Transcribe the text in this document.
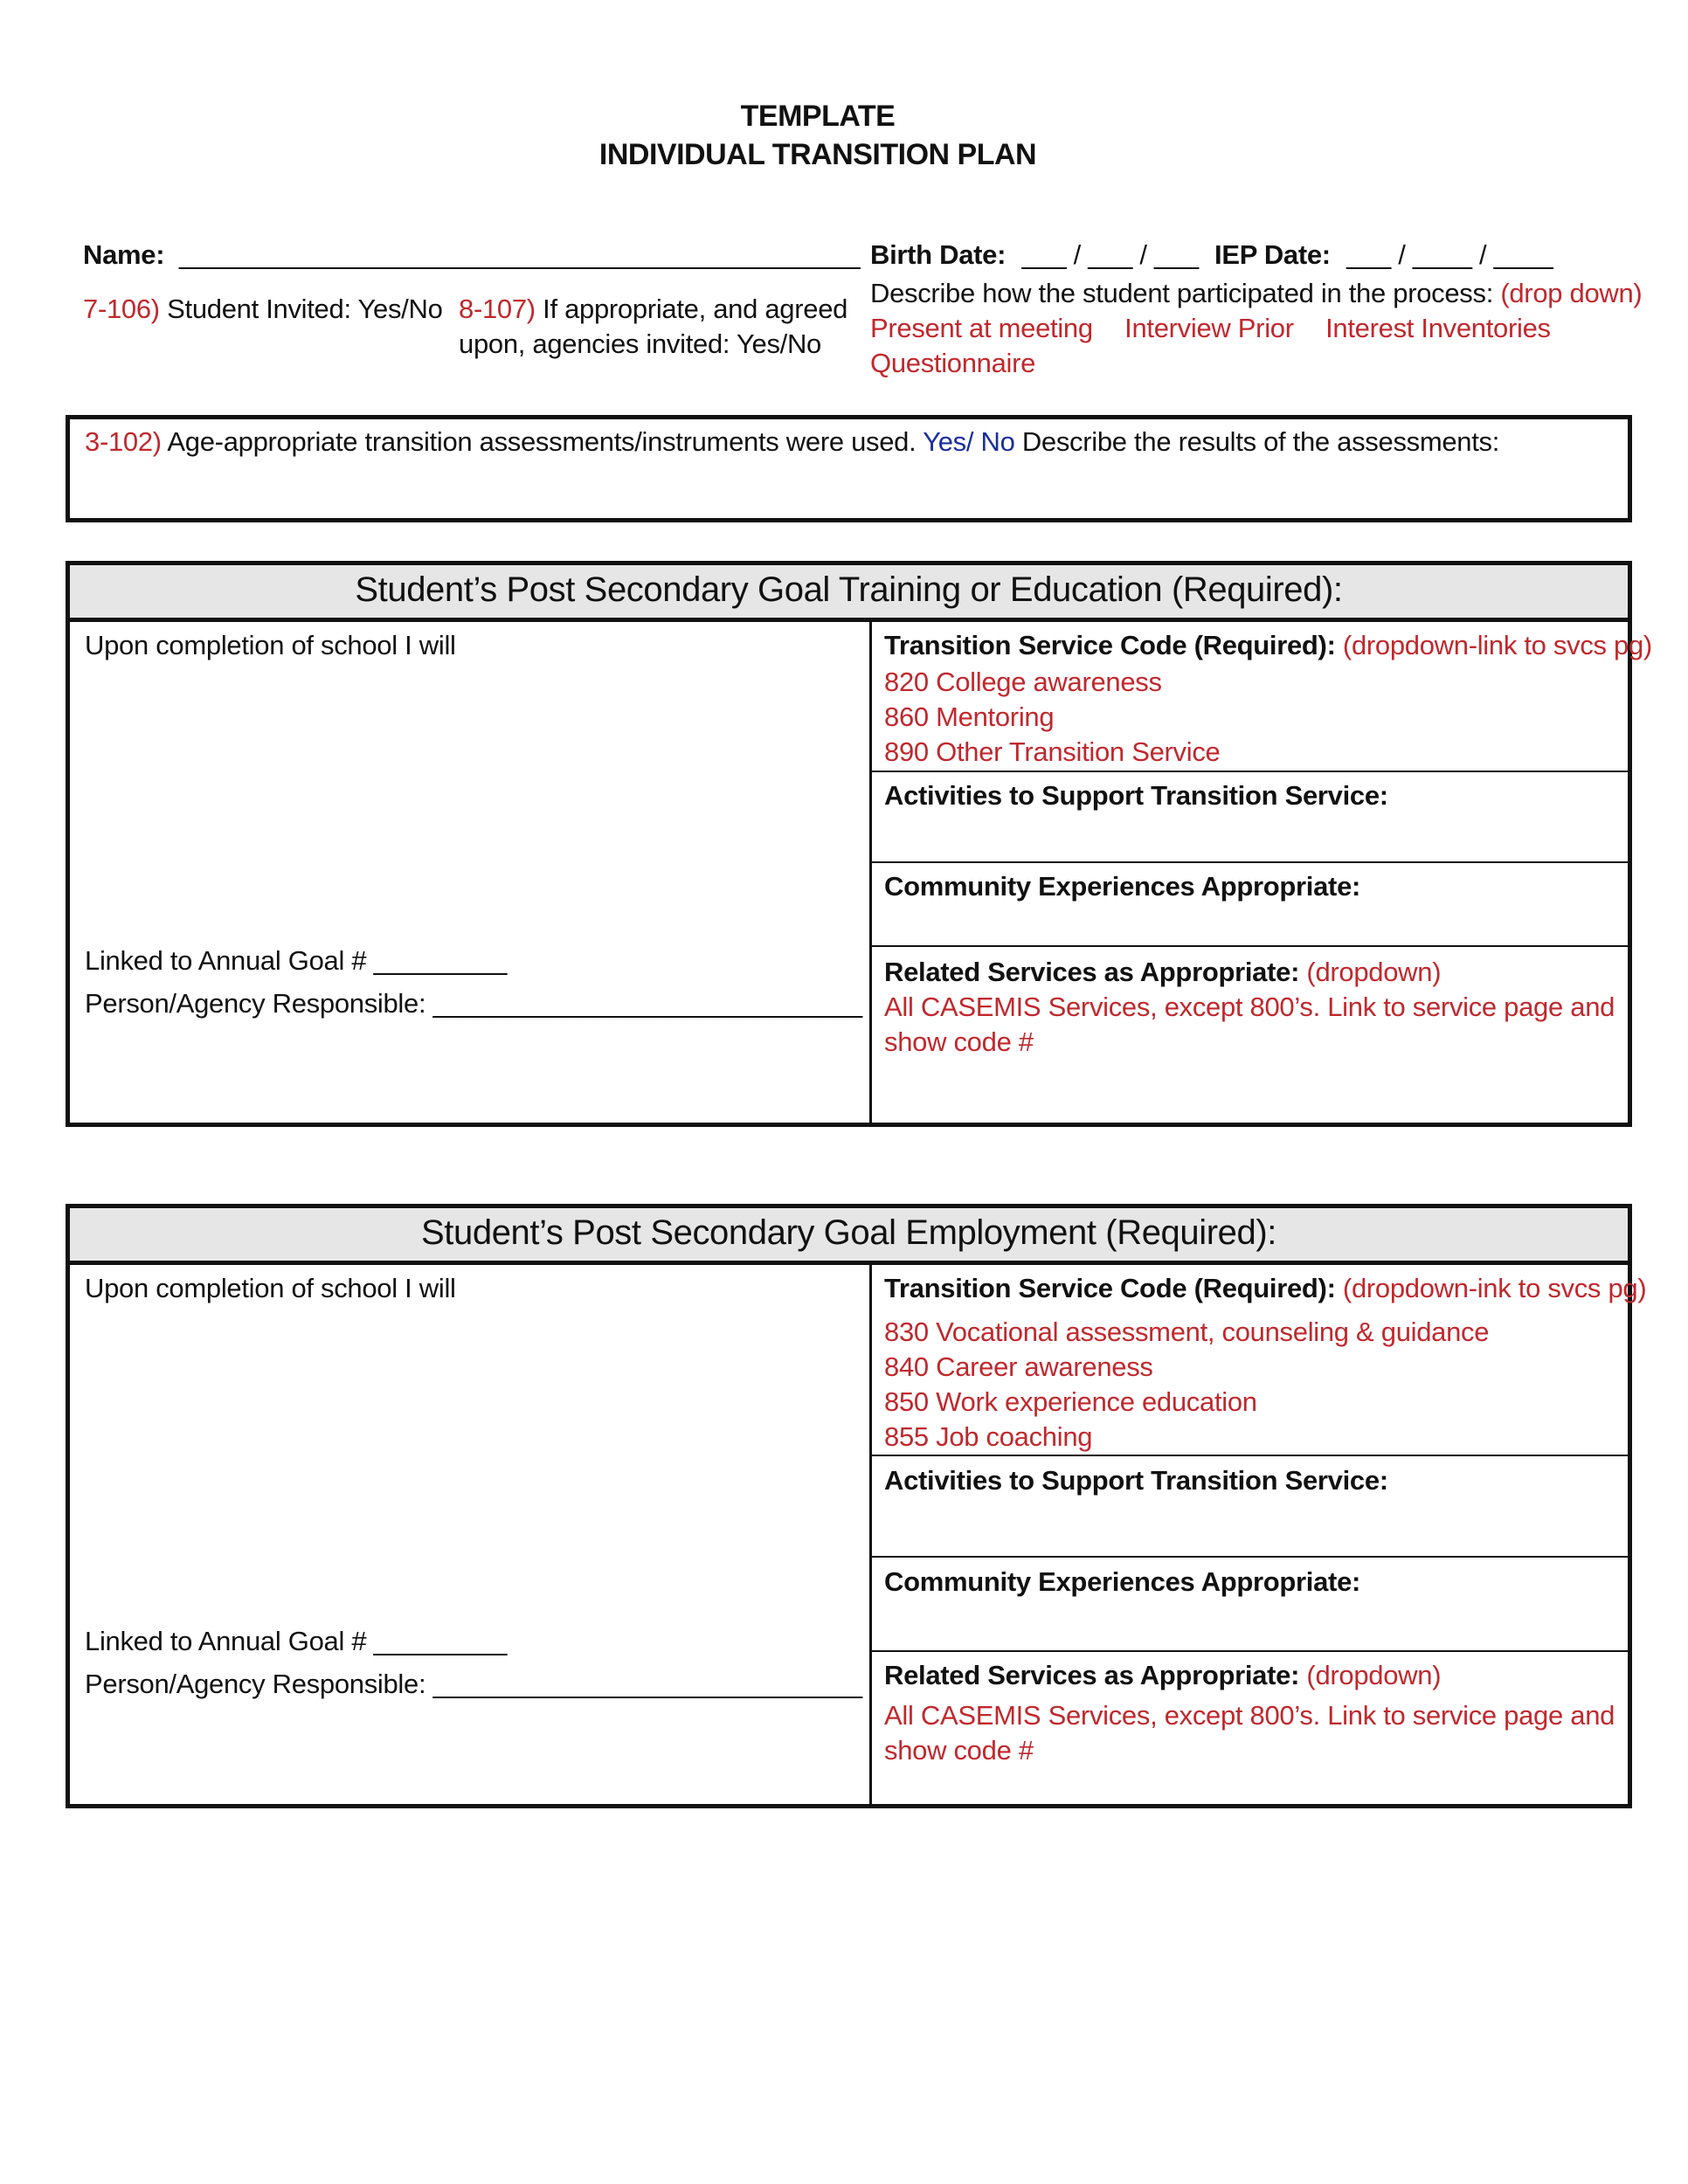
TEMPLATE
INDIVIDUAL TRANSITION PLAN
Name: ______________________________________________ Birth Date: ___ / ___ / ___ IEP Date: ___ / ____ / ____
7-106) Student Invited: Yes/No 8-107) If appropriate, and agreed
upon, agencies invited: Yes/No
Describe how the student participated in the process: (drop down)
Present at meeting Interview Prior Interest Inventories
Questionnaire
3-102) Age-appropriate transition assessments/instruments were used. Yes/ No Describe the results of the assessments:
Student’s Post Secondary Goal Training or Education (Required):
Upon completion of school I will
Linked to Annual Goal # _________
Person/Agency Responsible: _____________________________
Transition Service Code (Required): (dropdown-link to svcs pg)
820 College awareness
860 Mentoring
890 Other Transition Service
Activities to Support Transition Service:
Community Experiences Appropriate:
Related Services as Appropriate: (dropdown)
All CASEMIS Services, except 800’s. Link to service page and
show code #
Student’s Post Secondary Goal Employment (Required):
Upon completion of school I will
Linked to Annual Goal # _________
Person/Agency Responsible: _____________________________
Transition Service Code (Required): (dropdown-ink to svcs pg)
830 Vocational assessment, counseling & guidance
840 Career awareness
850 Work experience education
855 Job coaching
Activities to Support Transition Service:
Community Experiences Appropriate:
Related Services as Appropriate: (dropdown)
All CASEMIS Services, except 800’s. Link to service page and
show code #
